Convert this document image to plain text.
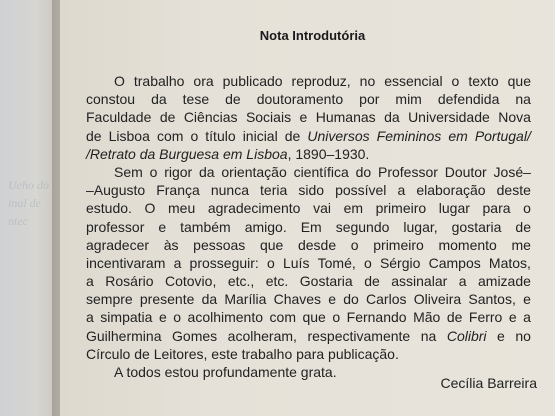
Ueho do
inal de
ntec
Nota Introdutória
O trabalho ora publicado reproduz, no essencial o texto que
constou da tese de doutoramento por mim defendida na
Faculdade de Ciências Sociais e Humanas da Universidade Nova
de Lisboa com o título inicial de Universos Femininos em Portugal/
/Retrato da Burguesa em Lisboa, 1890–1930.
Sem o rigor da orientação científica do Professor Doutor José–
–Augusto França nunca teria sido possível a elaboração deste
estudo. O meu agradecimento vai em primeiro lugar para o
professor e também amigo. Em segundo lugar, gostaria de
agradecer às pessoas que desde o primeiro momento me
incentivaram a prosseguir: o Luís Tomé, o Sérgio Campos Matos,
a Rosário Cotovio, etc., etc. Gostaria de assinalar a amizade
sempre presente da Marília Chaves e do Carlos Oliveira Santos, e
a simpatia e o acolhimento com que o Fernando Mão de Ferro e a
Guilhermina Gomes acolheram, respectivamente na Colibri e no
Círculo de Leitores, este trabalho para publicação.
A todos estou profundamente grata.
Cecília Barreira
